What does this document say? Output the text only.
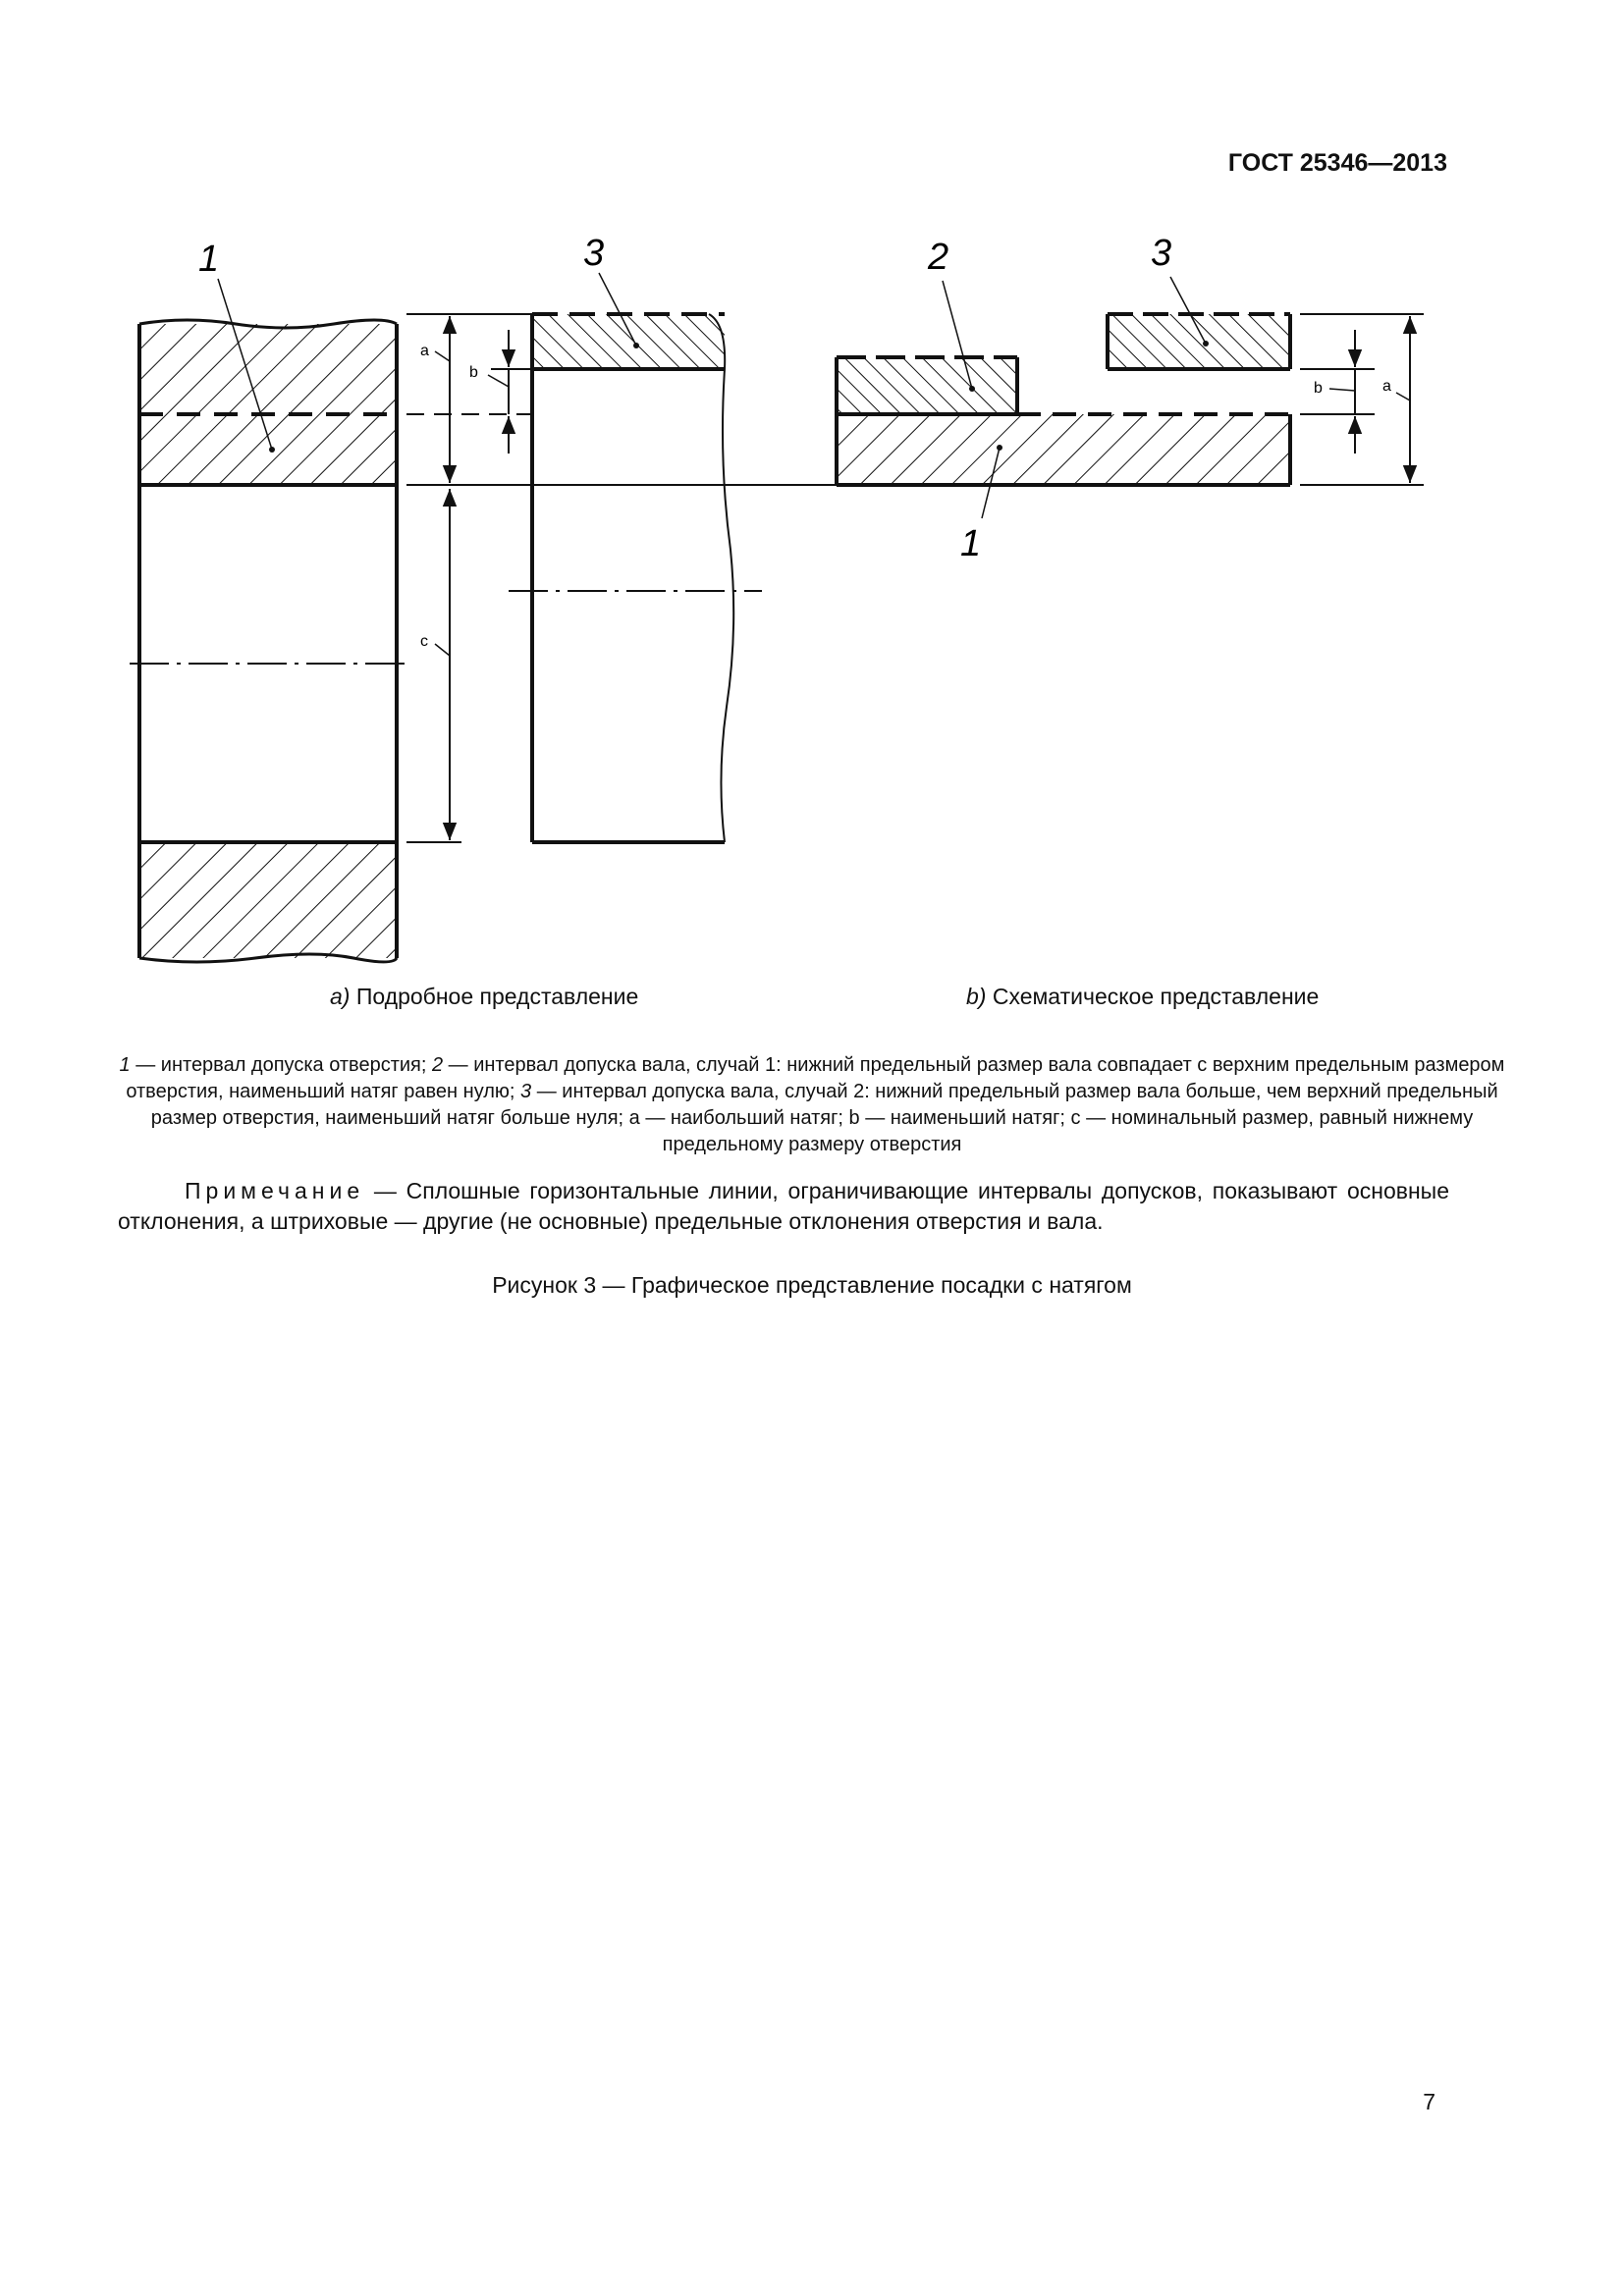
ГОСТ 25346—2013
a
b
c
1	3
b	a
2	3
1
a) Подробное представление	b) Схематическое представление
1 — интервал допуска отверстия; 2 — интервал допуска вала, случай 1: нижний предельный размер вала совпадает с верхним предельным размером отверстия, наименьший натяг равен нулю; 3 — интервал допуска вала, случай 2: нижний предельный размер вала больше, чем верхний предельный размер отверстия, наименьший натяг больше нуля; a — наибольший натяг; b — наименьший натяг; c — номинальный размер, равный нижнему предельному размеру отверстия
Примечание — Сплошные горизонтальные линии, ограничивающие интервалы допусков, показывают основные отклонения, а штриховые — другие (не основные) предельные отклонения отверстия и вала.
Рисунок 3 — Графическое представление посадки с натягом
7
